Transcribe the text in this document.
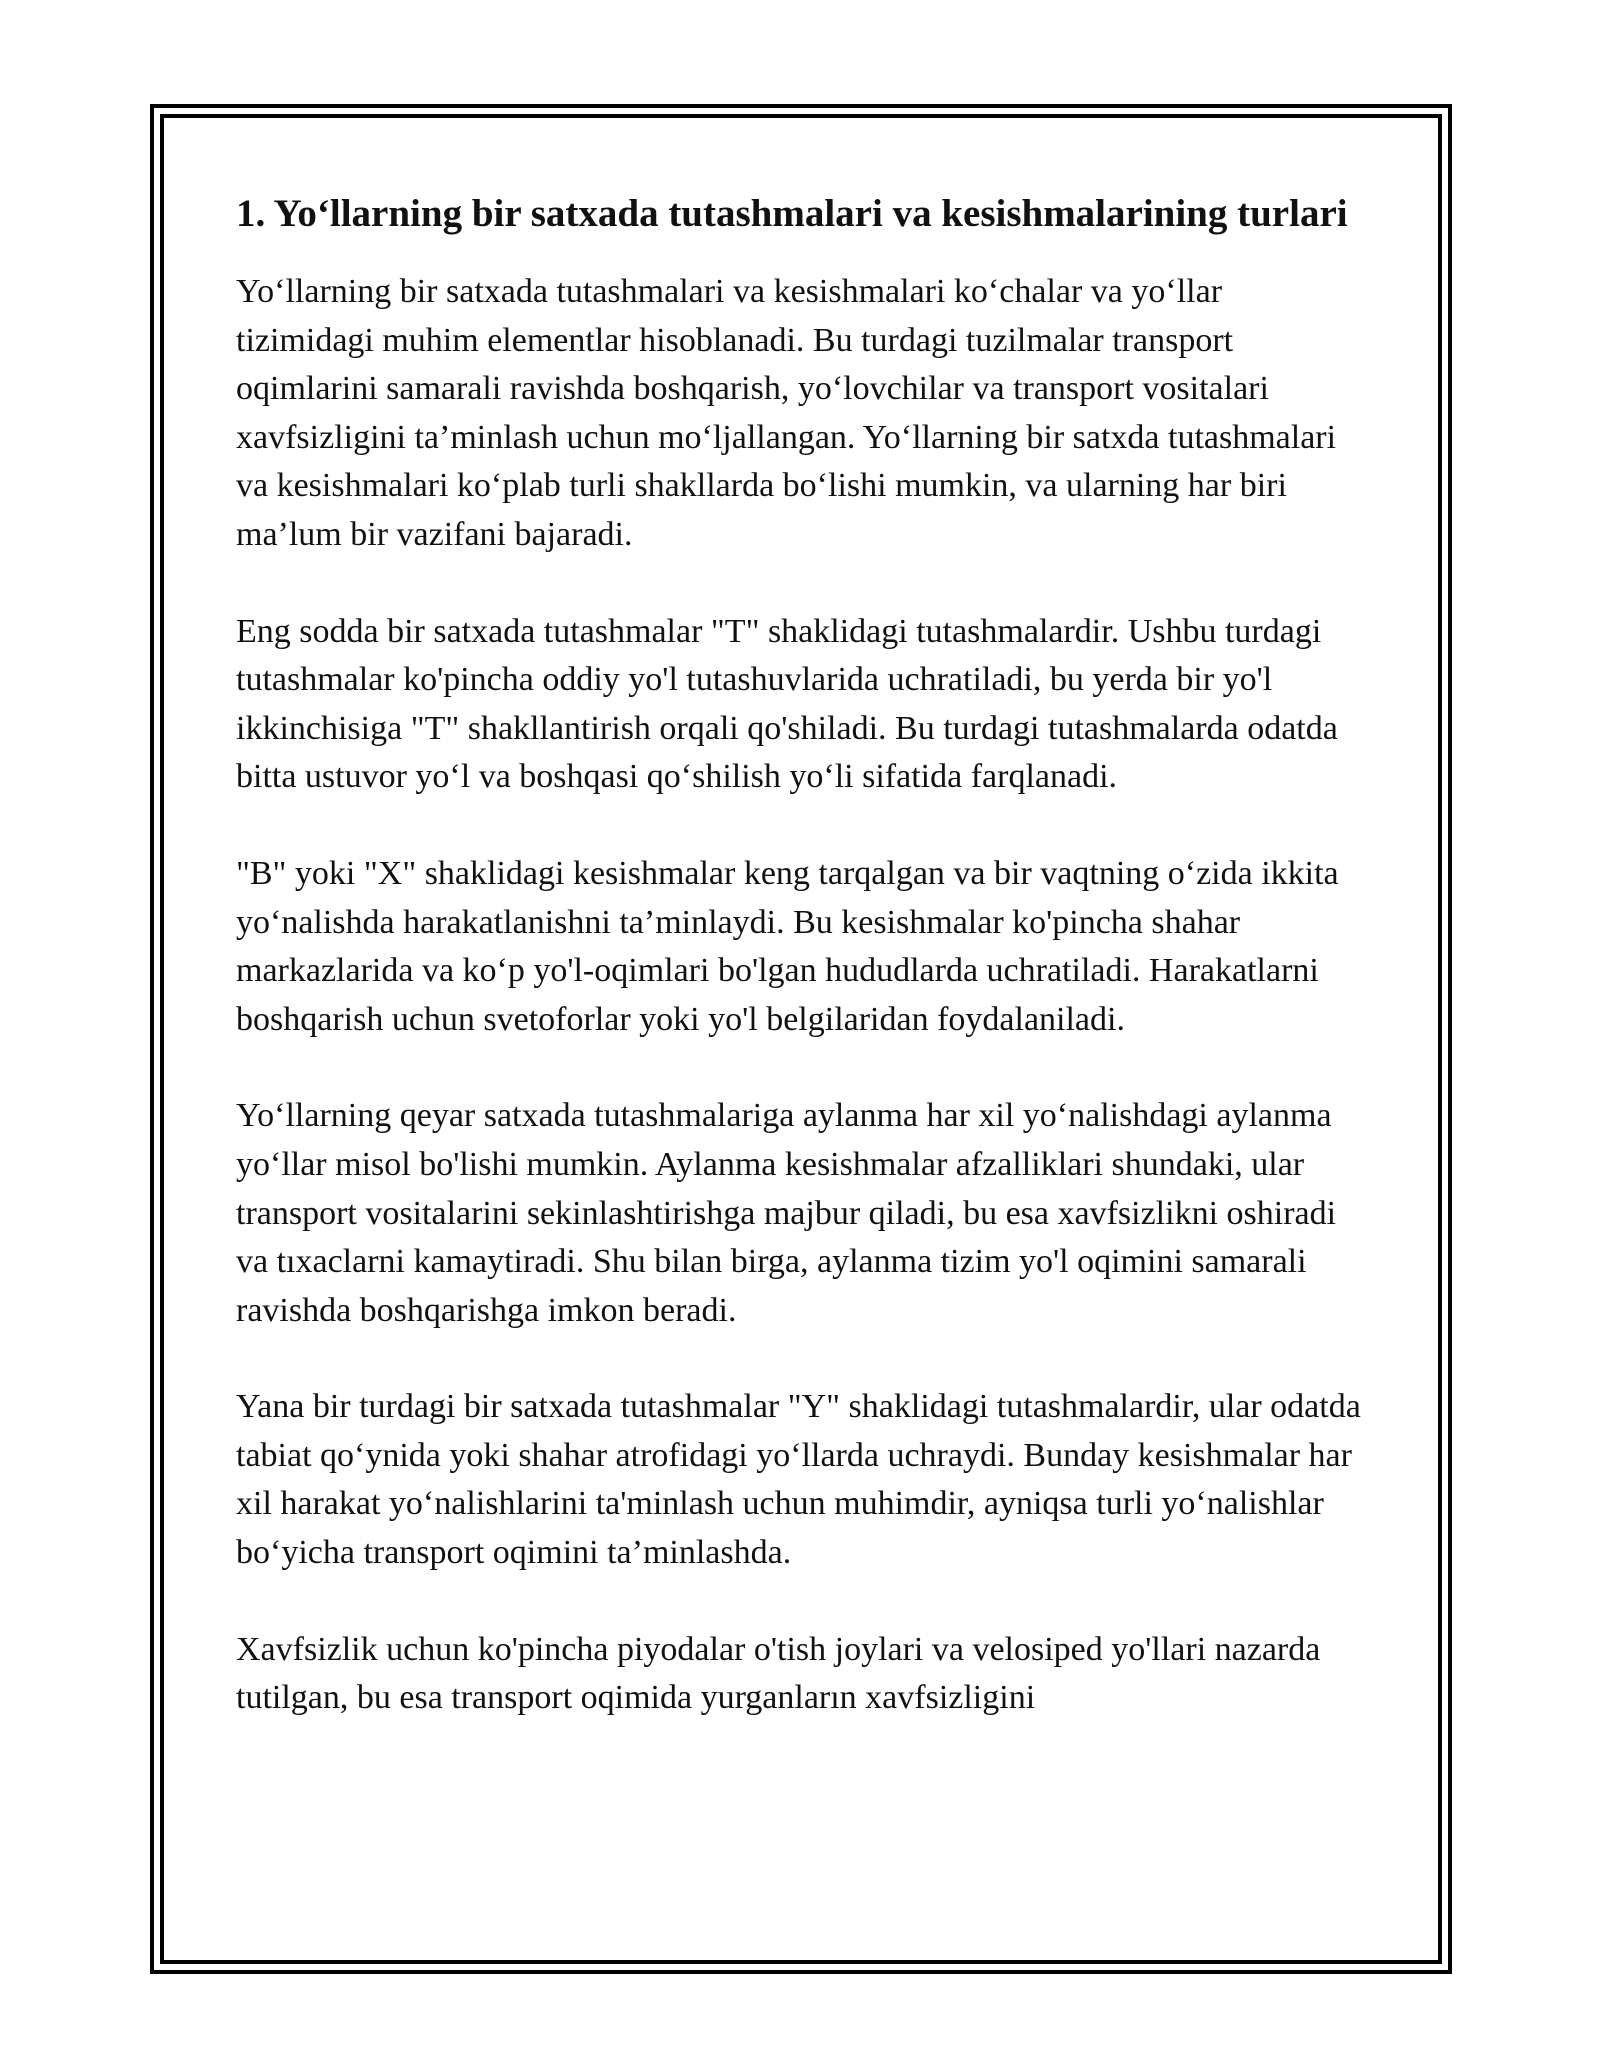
1. Yo‘llarning bir satxada tutashmalari va kesishmalarining turlari

Yo‘llarning bir satxada tutashmalari va kesishmalari ko‘chalar va yo‘llar tizimidagi muhim elementlar hisoblanadi. Bu turdagi tuzilmalar transport oqimlarini samarali ravishda boshqarish, yo‘lovchilar va transport vositalari xavfsizligini ta’minlash uchun mo‘ljallangan. Yo‘llarning bir satxda tutashmalari va kesishmalari ko‘plab turli shakllarda bo‘lishi mumkin, va ularning har biri ma’lum bir vazifani bajaradi.

Eng sodda bir satxada tutashmalar "T" shaklidagi tutashmalardir. Ushbu turdagi tutashmalar ko'pincha oddiy yo'l tutashuvlarida uchratiladi, bu yerda bir yo'l ikkinchisiga "T" shakllantirish orqali qo'shiladi. Bu turdagi tutashmalarda odatda bitta ustuvor yo‘l va boshqasi qo‘shilish yo‘li sifatida farqlanadi.

"B" yoki "X" shaklidagi kesishmalar keng tarqalgan va bir vaqtning o‘zida ikkita yo‘nalishda harakatlanishni ta’minlaydi. Bu kesishmalar ko'pincha shahar markazlarida va ko‘p yo'l-oqimlari bo'lgan hududlarda uchratiladi. Harakatlarni boshqarish uchun svetoforlar yoki yo'l belgilaridan foydalaniladi.

Yo‘llarning qeyar satxada tutashmalariga aylanma har xil yo‘nalishdagi aylanma yo‘llar misol bo'lishi mumkin. Aylanma kesishmalar afzalliklari shundaki, ular transport vositalarini sekinlashtirishga majbur qiladi, bu esa xavfsizlikni oshiradi va tıxaclarni kamaytiradi. Shu bilan birga, aylanma tizim yo'l oqimini samarali ravishda boshqarishga imkon beradi.

Yana bir turdagi bir satxada tutashmalar "Y" shaklidagi tutashmalardir, ular odatda tabiat qo‘ynida yoki shahar atrofidagi yo‘llarda uchraydi. Bunday kesishmalar har xil harakat yo‘nalishlarini ta'minlash uchun muhimdir, ayniqsa turli yo‘nalishlar bo‘yicha transport oqimini ta’minlashda.

Xavfsizlik uchun ko'pincha piyodalar o'tish joylari va velosiped yo'llari nazarda tutilgan, bu esa transport oqimida yurganların xavfsizligini
